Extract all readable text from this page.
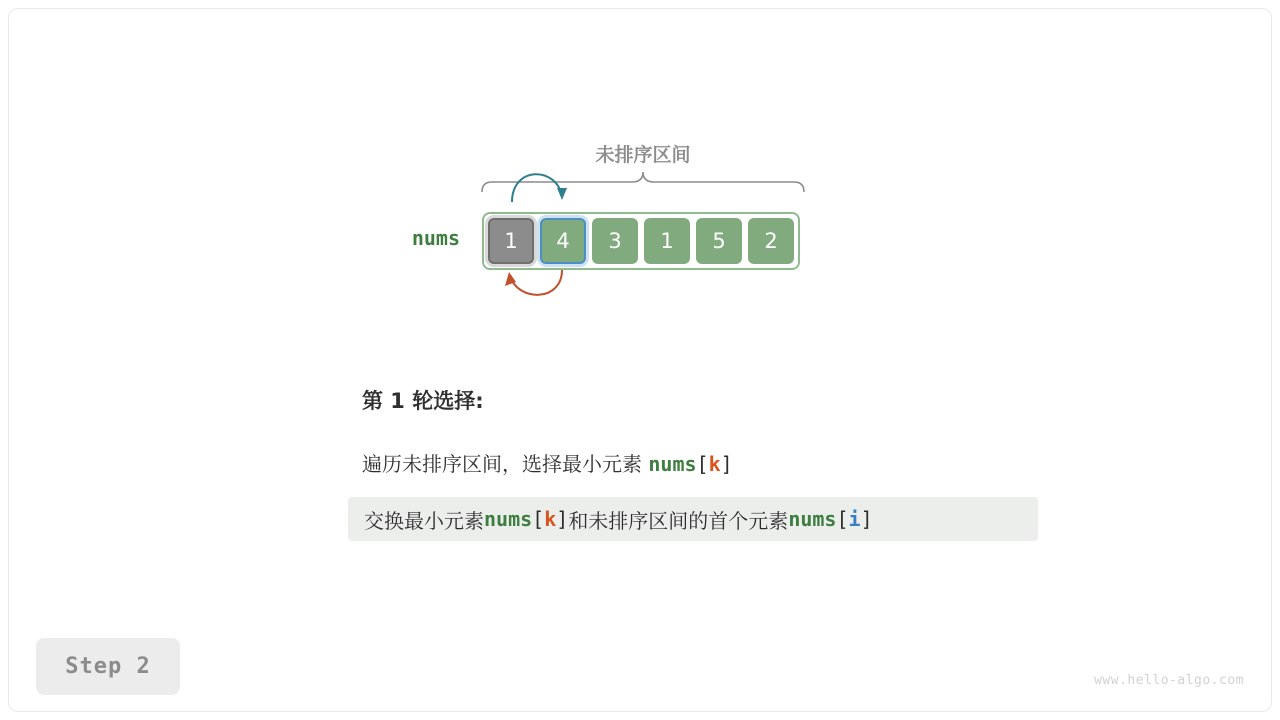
未排序区间
nums	1	4	3	1	5	2
第 1 轮选择:
遍历未排序区间，选择最小元素 nums[k]
交换最小元素 nums [ k ] 和未排序区间的首个元素 nums [ i ]
Step 2
www.hello-algo.com
